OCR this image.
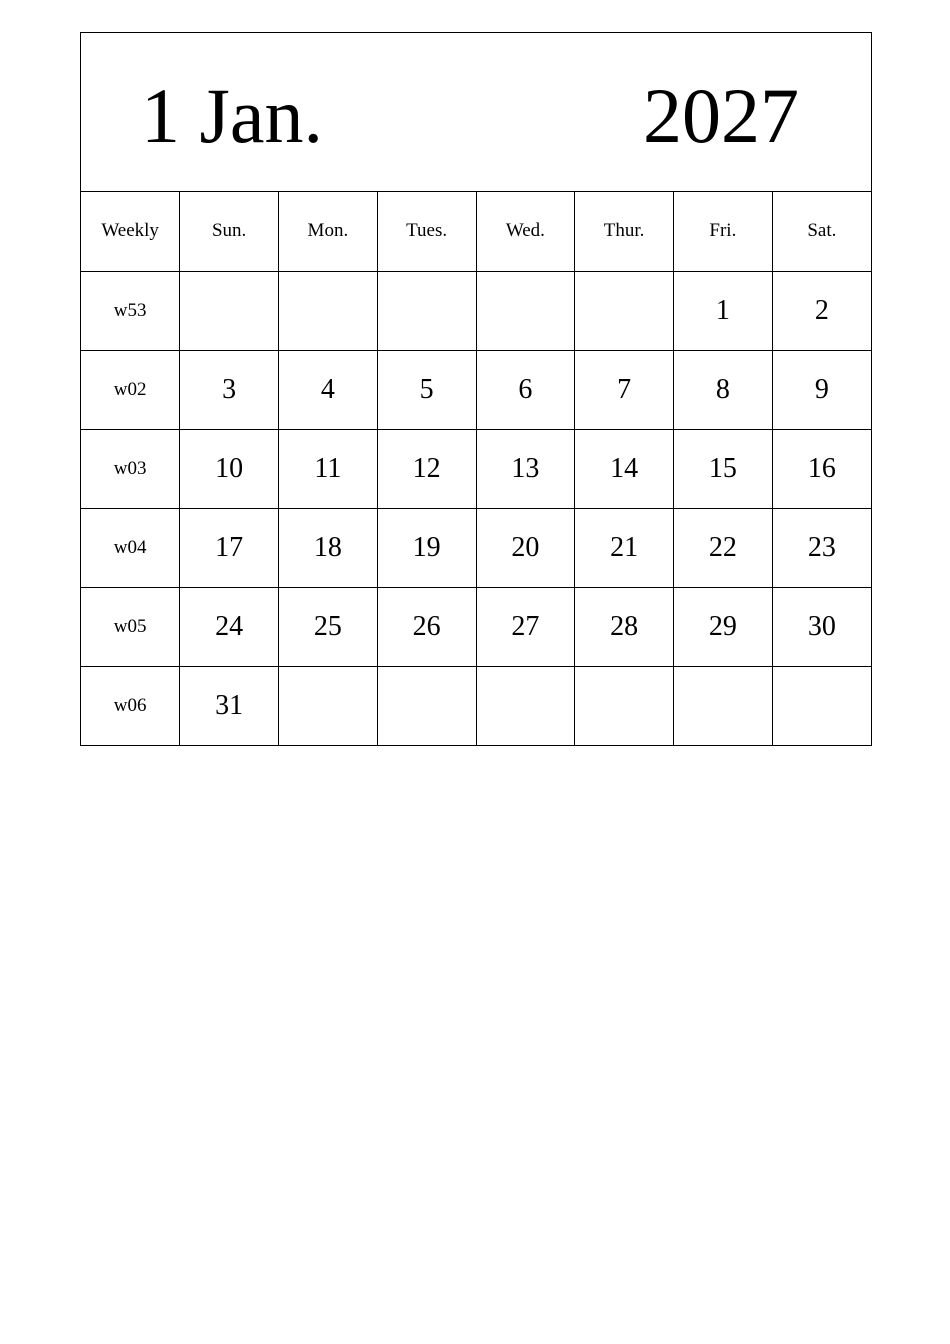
1 Jan.	2027
Weekly	Sun.	Mon.	Tues.	Wed.	Thur.	Fri.	Sat.
w53						1	2
w02	3	4	5	6	7	8	9
w03	10	11	12	13	14	15	16
w04	17	18	19	20	21	22	23
w05	24	25	26	27	28	29	30
w06	31						
